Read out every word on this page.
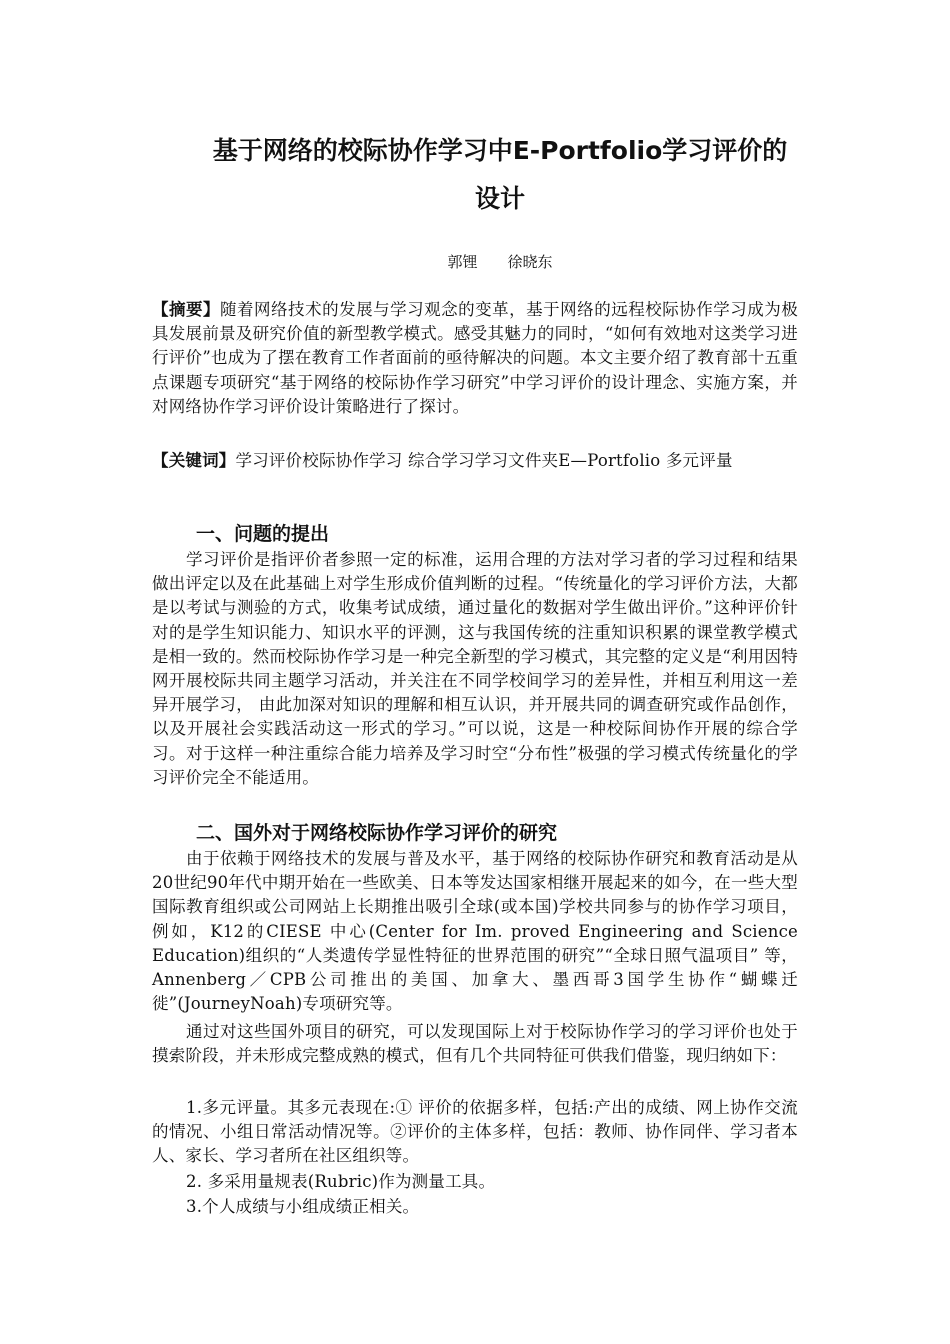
基于网络的校际协作学习中E-Portfolio学习评价的
设计
郭锂　　徐晓东
【摘要】随着网络技术的发展与学习观念的变革，基于网络的远程校际协作学习成为极具发展前景及研究价值的新型教学模式。感受其魅力的同时，“如何有效地对这类学习进行评价”也成为了摆在教育工作者面前的亟待解决的问题。本文主要介绍了教育部十五重点课题专项研究“基于网络的校际协作学习研究”中学习评价的设计理念、实施方案，并对网络协作学习评价设计策略进行了探讨。
【关键词】学习评价校际协作学习 综合学习学习文件夹E—Portfolio 多元评量
一、问题的提出
学习评价是指评价者参照一定的标准，运用合理的方法对学习者的学习过程和结果做出评定以及在此基础上对学生形成价值判断的过程。“传统量化的学习评价方法，大都是以考试与测验的方式，收集考试成绩，通过量化的数据对学生做出评价。”这种评价针对的是学生知识能力、知识水平的评测，这与我国传统的注重知识积累的课堂教学模式是相一致的。然而校际协作学习是一种完全新型的学习模式，其完整的定义是“利用因特网开展校际共同主题学习活动，并关注在不同学校间学习的差异性，并相互利用这一差异开展学习， 由此加深对知识的理解和相互认识，并开展共同的调查研究或作品创作，以及开展社会实践活动这一形式的学习。”可以说，这是一种校际间协作开展的综合学习。对于这样一种注重综合能力培养及学习时空“分布性”极强的学习模式传统量化的学习评价完全不能适用。
二、国外对于网络校际协作学习评价的研究
由于依赖于网络技术的发展与普及水平，基于网络的校际协作研究和教育活动是从20世纪90年代中期开始在一些欧美、日本等发达国家相继开展起来的如今，在一些大型国际教育组织或公司网站上长期推出吸引全球(或本国)学校共同参与的协作学习项目，例如，K12的CIESE 中心(Center for Im. proved Engineering and Science Education)组织的“人类遗传学显性特征的世界范围的研究”“全球日照气温项目” 等，Annenberg／CPB公司推出的美国、加拿大、墨西哥3国学生协作“蝴蝶迁徙”(JourneyNoah)专项研究等。
通过对这些国外项目的研究，可以发现国际上对于校际协作学习的学习评价也处于摸索阶段，并未形成完整成熟的模式，但有几个共同特征可供我们借鉴，现归纳如下：
1.多元评量。其多元表现在:① 评价的依据多样，包括:产出的成绩、网上协作交流的情况、小组日常活动情况等。②评价的主体多样，包括：教师、协作同伴、学习者本人、家长、学习者所在社区组织等。
2. 多采用量规表(Rubric)作为测量工具。
3.个人成绩与小组成绩正相关。
